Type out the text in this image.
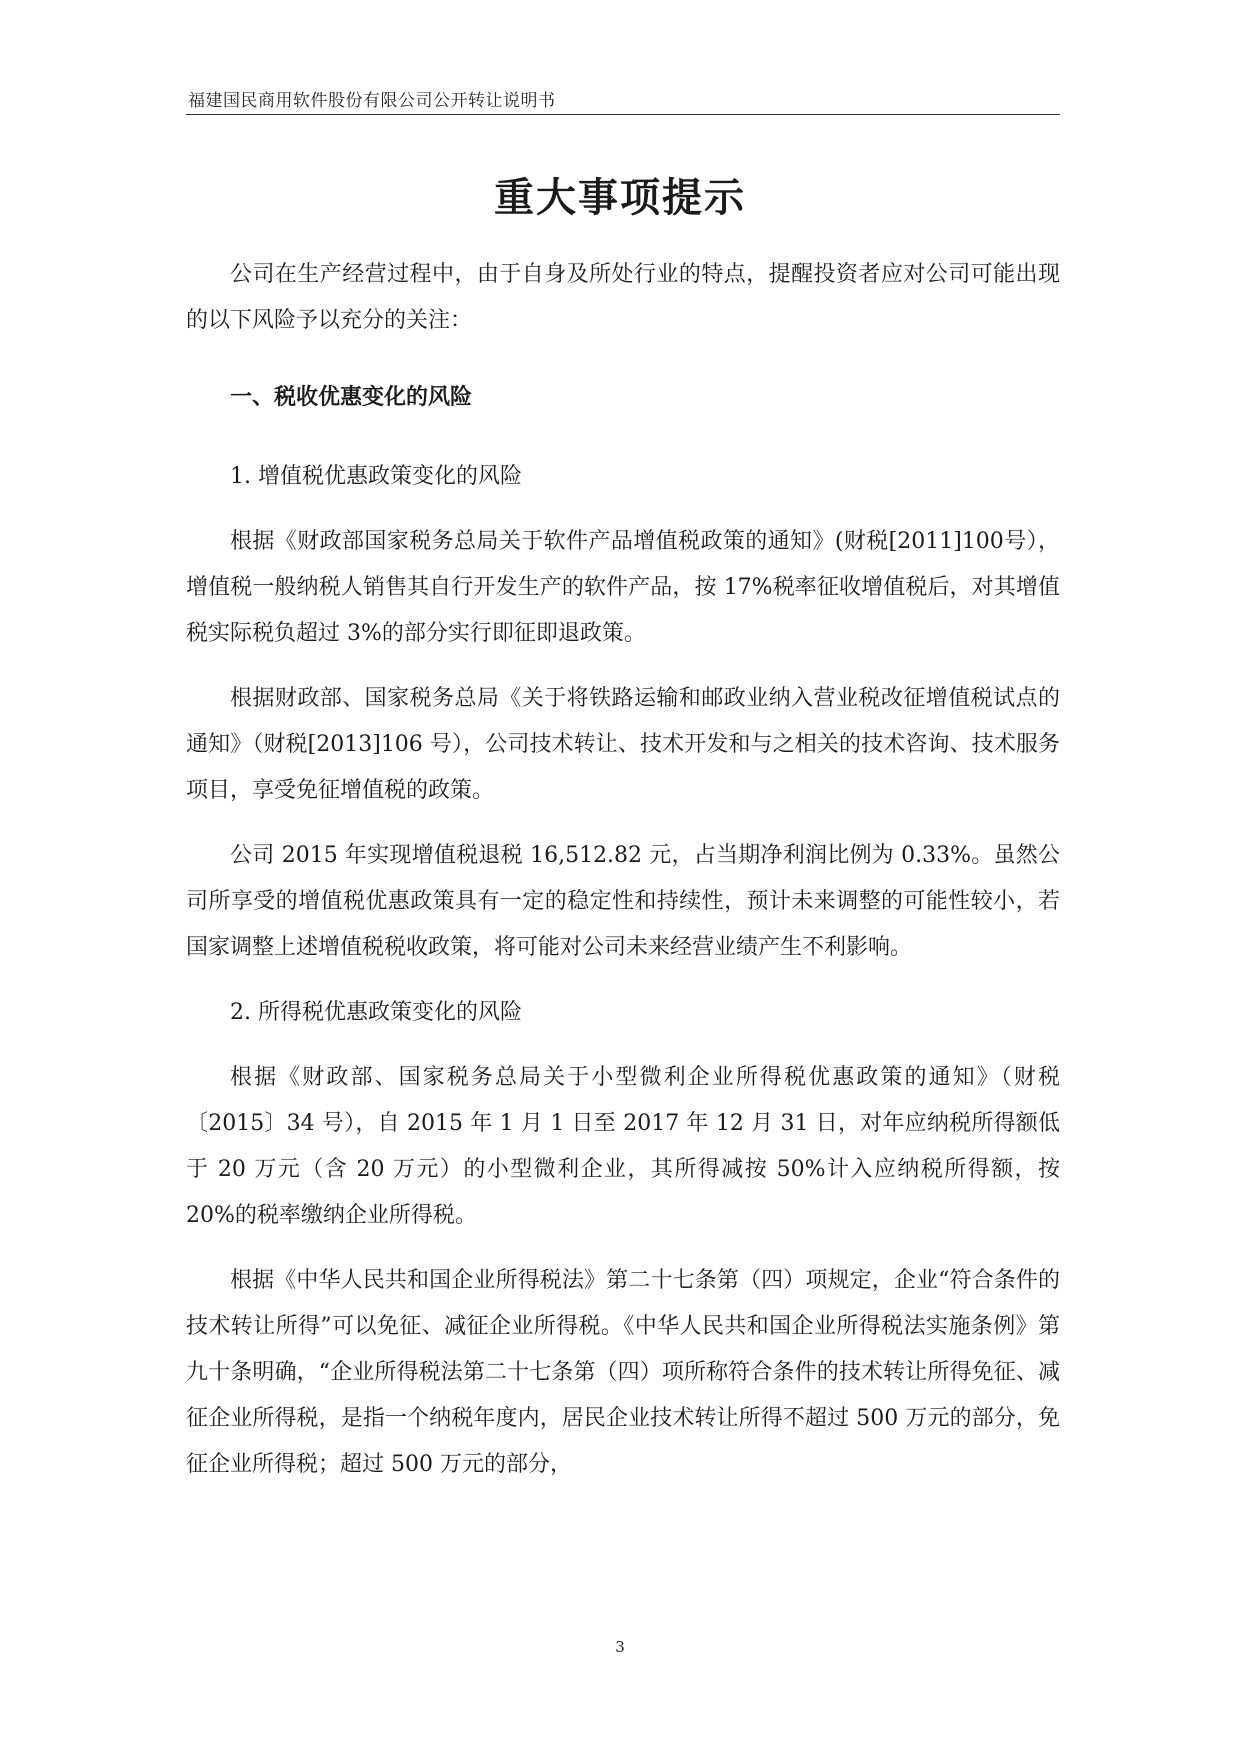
福建国民商用软件股份有限公司公开转让说明书
重大事项提示

公司在生产经营过程中，由于自身及所处行业的特点，提醒投资者应对公司可能出现的以下风险予以充分的关注：

一、税收优惠变化的风险
1. 增值税优惠政策变化的风险

根据《财政部国家税务总局关于软件产品增值税政策的通知》(财税[2011]100号），增值税一般纳税人销售其自行开发生产的软件产品，按 17%税率征收增值税后，对其增值税实际税负超过 3%的部分实行即征即退政策。

根据财政部、国家税务总局《关于将铁路运输和邮政业纳入营业税改征增值税试点的通知》（财税[2013]106 号），公司技术转让、技术开发和与之相关的技术咨询、技术服务项目，享受免征增值税的政策。

公司 2015 年实现增值税退税 16,512.82 元，占当期净利润比例为 0.33%。虽然公司所享受的增值税优惠政策具有一定的稳定性和持续性，预计未来调整的可能性较小，若国家调整上述增值税税收政策，将可能对公司未来经营业绩产生不利影响。

2. 所得税优惠政策变化的风险

根据《财政部、国家税务总局关于小型微利企业所得税优惠政策的通知》（财税〔2015〕34 号），自 2015 年 1 月 1 日至 2017 年 12 月 31 日，对年应纳税所得额低于 20 万元（含 20 万元）的小型微利企业，其所得减按 50%计入应纳税所得额，按 20%的税率缴纳企业所得税。

根据《中华人民共和国企业所得税法》第二十七条第（四）项规定，企业“符合条件的技术转让所得”可以免征、减征企业所得税。《中华人民共和国企业所得税法实施条例》第九十条明确，“企业所得税法第二十七条第（四）项所称符合条件的技术转让所得免征、减征企业所得税，是指一个纳税年度内，居民企业技术转让所得不超过 500 万元的部分，免征企业所得税；超过 500 万元的部分，

3
